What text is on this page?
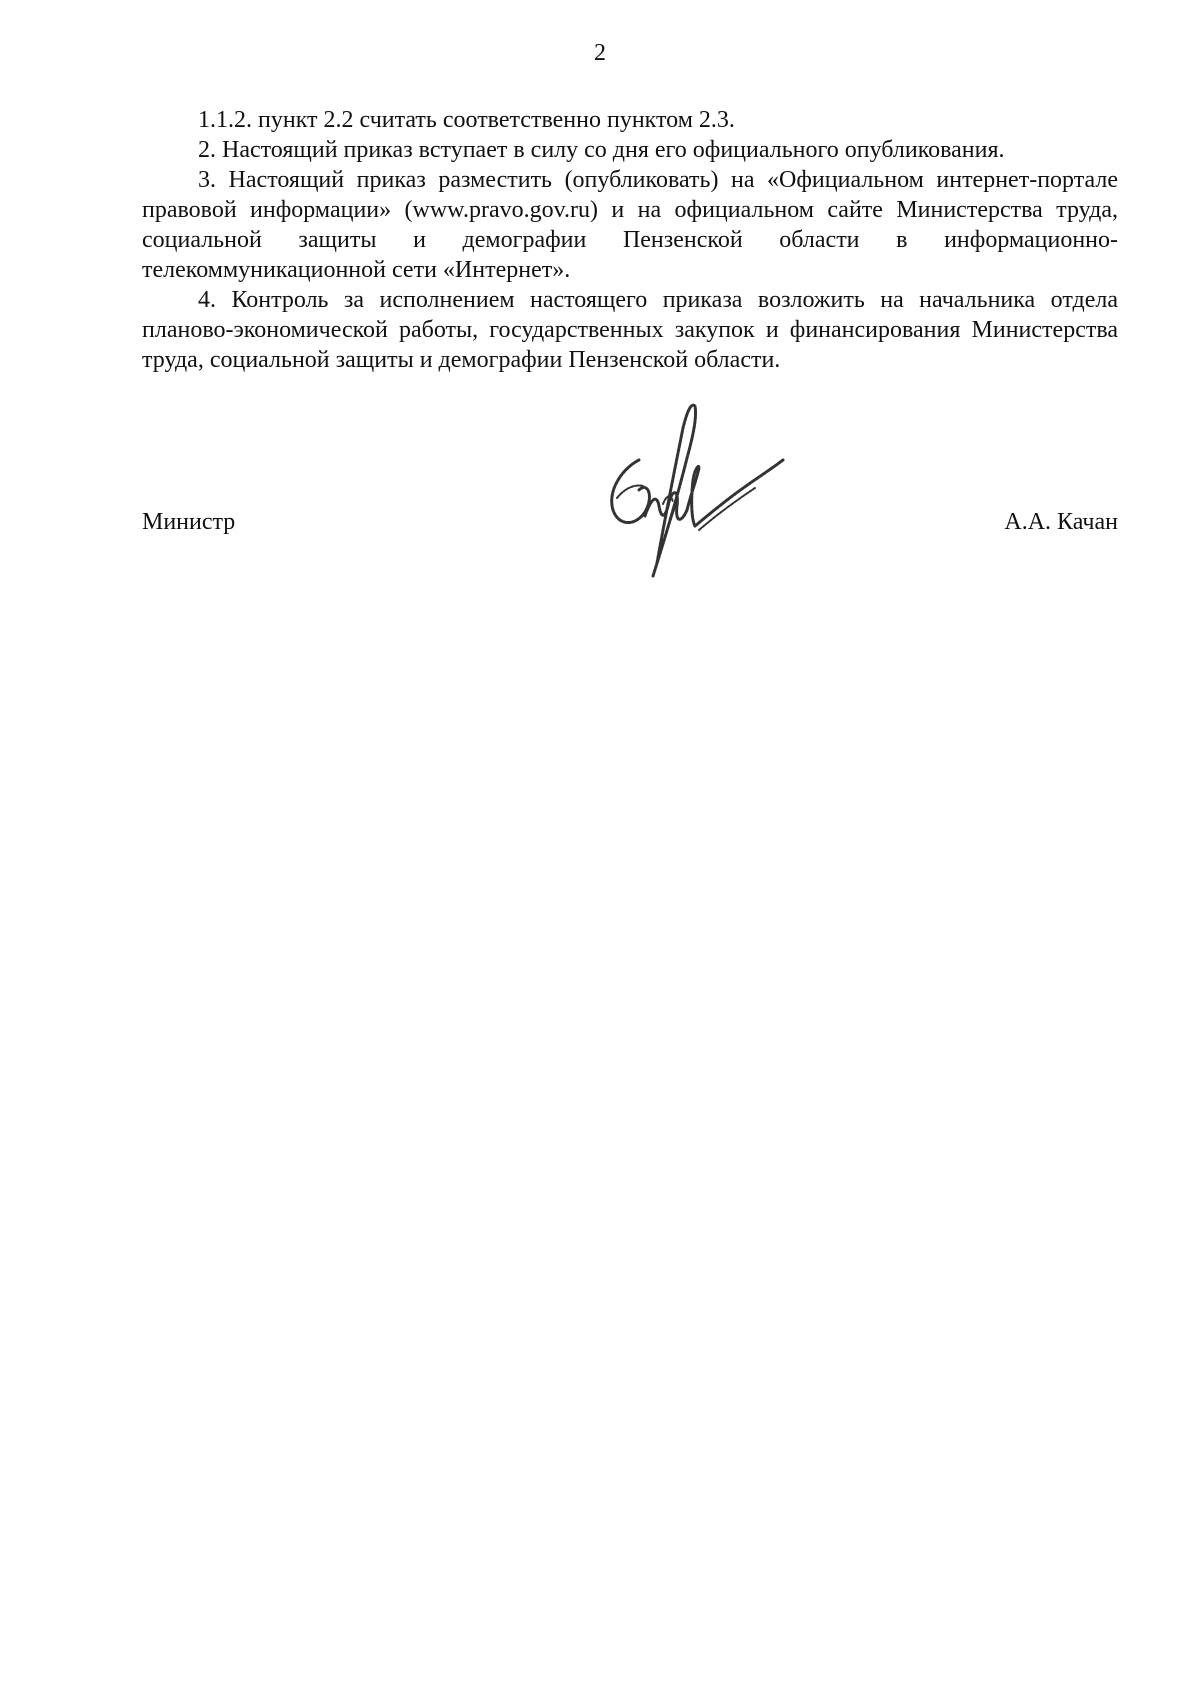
2

1.1.2. пункт 2.2 считать соответственно пунктом 2.3.

2. Настоящий приказ вступает в силу со дня его официального опубликования.

3. Настоящий приказ разместить (опубликовать) на «Официальном интернет-портале правовой информации» (www.pravo.gov.ru) и на официальном сайте Министерства труда, социальной защиты и демографии Пензенской области в информационно-телекоммуникационной сети «Интернет».

4. Контроль за исполнением настоящего приказа возложить на начальника отдела планово-экономической работы, государственных закупок и финансирования Министерства труда, социальной защиты и демографии Пензенской области.

Министр	А.А. Качан
